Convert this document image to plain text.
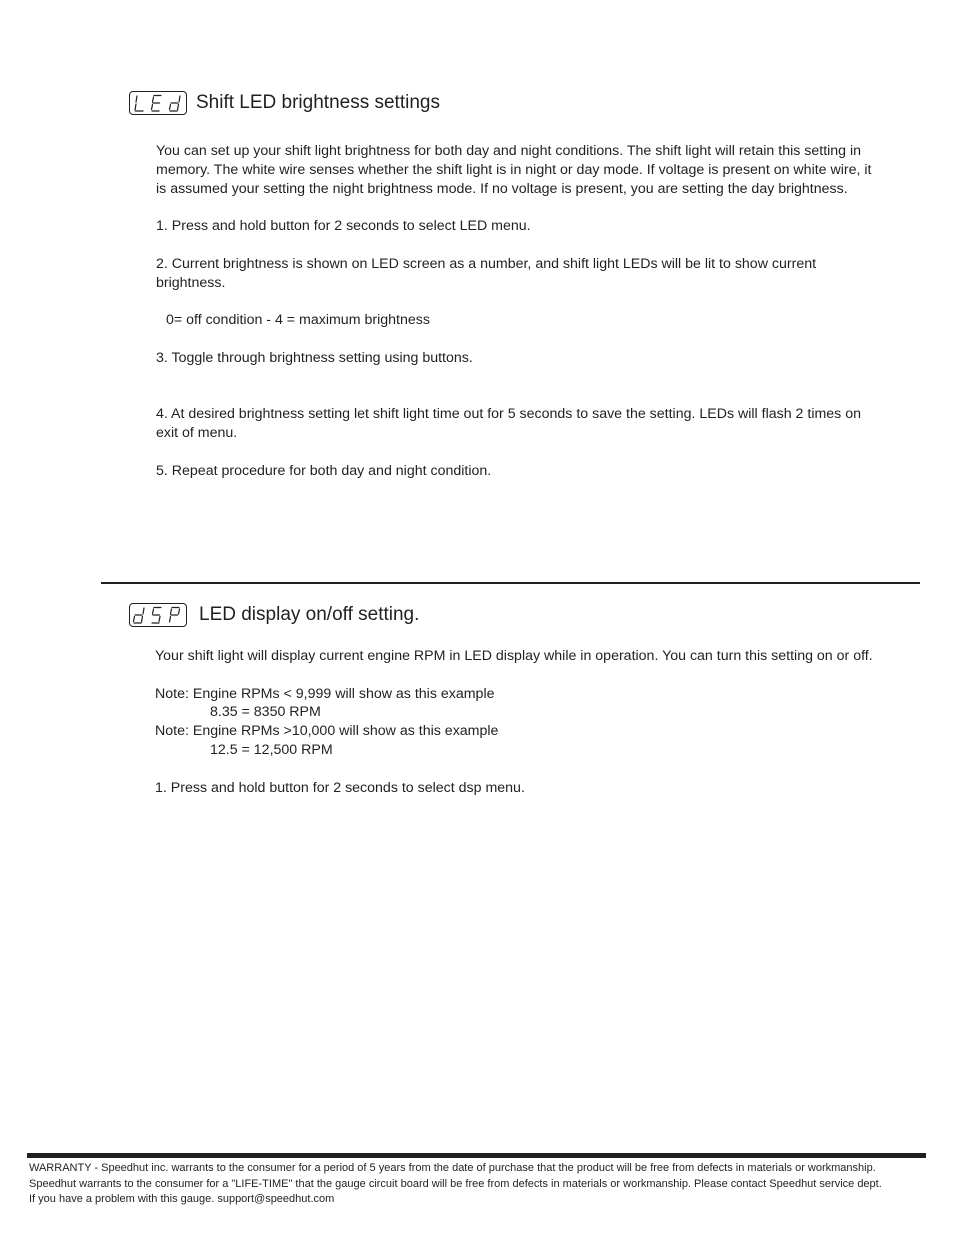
Shift LED brightness settings

You can set up your shift light brightness for both day and night conditions. The shift light will retain this setting in memory. The white wire senses whether the shift light is in night or day mode. If voltage is present on white wire, it is assumed your setting the night brightness mode. If no voltage is present, you are setting the day brightness.

1. Press and hold button for 2 seconds to select LED menu.

2. Current brightness is shown on LED screen as a number, and shift light LEDs will be lit to show current brightness.

0= off condition - 4 = maximum brightness

3. Toggle through brightness setting using buttons.

4. At desired brightness setting let shift light time out for 5 seconds to save the setting. LEDs will flash 2 times on exit of menu.

5. Repeat procedure for both day and night condition.

LED display on/off setting.

Your shift light will display current engine RPM in LED display while in operation. You can turn this setting on or off.

Note: Engine RPMs < 9,999 will show as this example

8.35 = 8350 RPM

Note: Engine RPMs >10,000 will show as this example

12.5 = 12,500 RPM

1. Press and hold button for 2 seconds to select dsp menu.

WARRANTY - Speedhut inc. warrants to the consumer for a period of 5 years from the date of purchase that the product will be free from defects in materials or workmanship.
Speedhut warrants to the consumer for a "LIFE-TIME" that the gauge circuit board will be free from defects in materials or workmanship. Please contact Speedhut service dept.
If you have a problem with this gauge. support@speedhut.com
